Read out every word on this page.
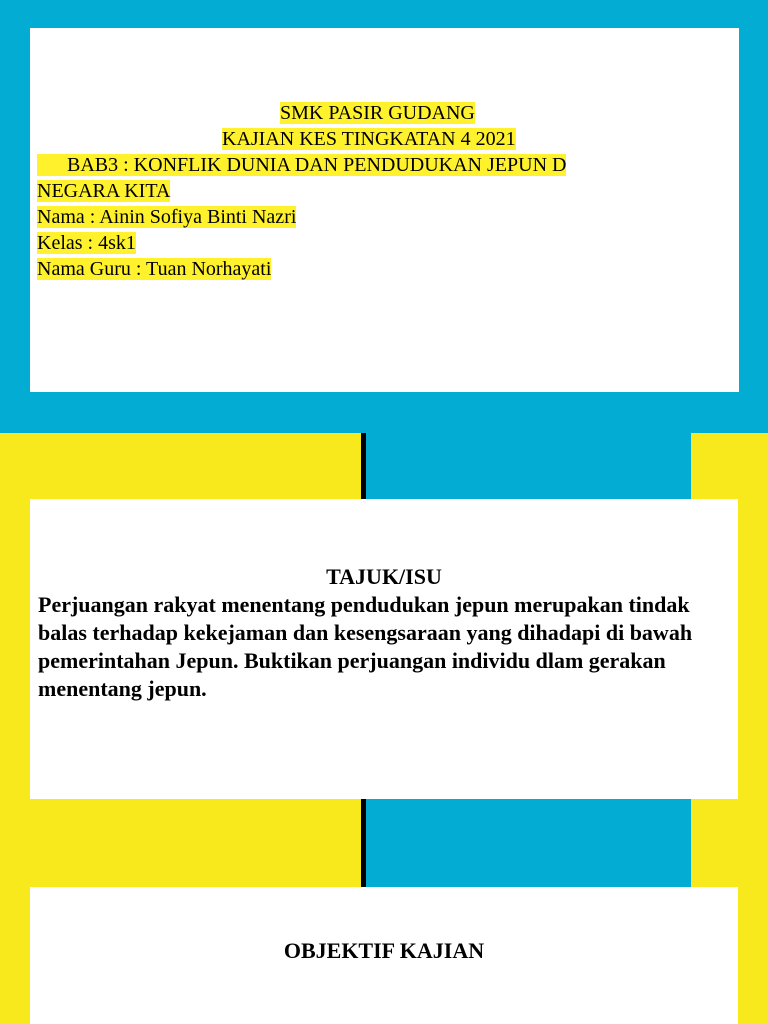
SMK PASIR GUDANG
KAJIAN KES TINGKATAN 4 2021
BAB3 : KONFLIK DUNIA DAN PENDUDUKAN JEPUN D
NEGARA KITA
Nama : Ainin Sofiya Binti Nazri
Kelas : 4sk1
Nama Guru : Tuan Norhayati
TAJUK/ISU
Perjuangan rakyat menentang pendudukan jepun merupakan tindak balas terhadap kekejaman dan kesengsaraan yang dihadapi di bawah pemerintahan Jepun. Buktikan perjuangan individu dlam gerakan menentang jepun.
OBJEKTIF KAJIAN
